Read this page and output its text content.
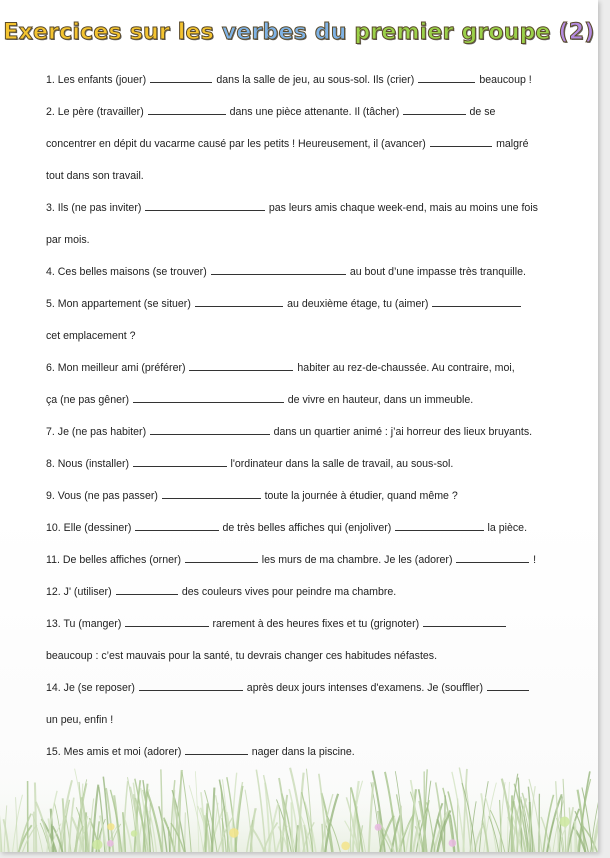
Exercices sur les verbes du premier groupe (2)
1. Les enfants (jouer)	dans la salle de jeu, au sous-sol. Ils (crier)	beaucoup !
2. Le père (travailler)	dans une pièce attenante. Il (tâcher)	de se
concentrer en dépit du vacarme causé par les petits ! Heureusement, il (avancer)	malgré
tout dans son travail.
3. Ils (ne pas inviter)	pas leurs amis chaque week-end, mais au moins une fois
par mois.
4. Ces belles maisons (se trouver)	au bout d’une impasse très tranquille.
5. Mon appartement (se situer)	au deuxième étage, tu (aimer)
cet emplacement ?
6. Mon meilleur ami (préférer)	habiter au rez-de-chaussée. Au contraire, moi,
ça (ne pas gêner)	de vivre en hauteur, dans un immeuble.
7. Je (ne pas habiter)	dans un quartier animé : j’ai horreur des lieux bruyants.
8. Nous (installer)	l'ordinateur dans la salle de travail, au sous-sol.
9. Vous (ne pas passer)	toute la journée à étudier, quand même ?
10. Elle (dessiner)	de très belles affiches qui (enjoliver)	la pièce.
11. De belles affiches (orner)	les murs de ma chambre. Je les (adorer)	!
12. J' (utiliser)	des couleurs vives pour peindre ma chambre.
13. Tu (manger)	rarement à des heures fixes et tu (grignoter)
beaucoup : c’est mauvais pour la santé, tu devrais changer ces habitudes néfastes.
14. Je (se reposer)	après deux jours intenses d'examens. Je (souffler)
un peu, enfin !
15. Mes amis et moi (adorer)	nager dans la piscine.
